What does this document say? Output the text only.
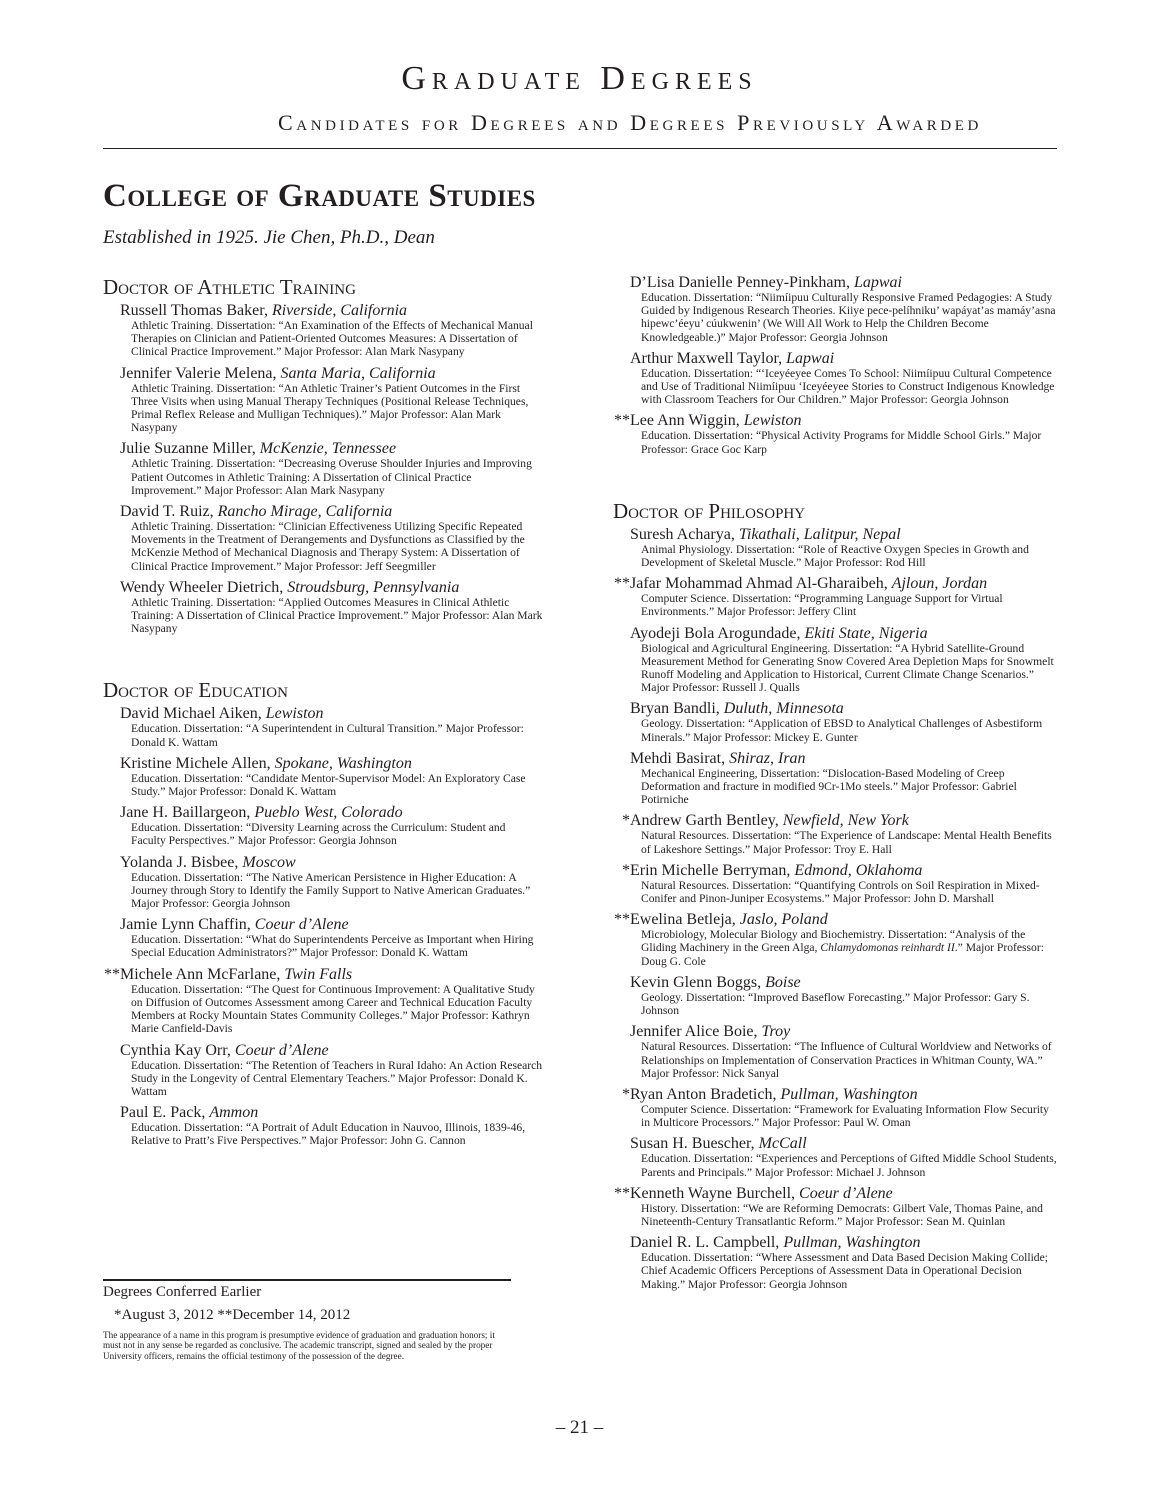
Graduate Degrees
Candidates for Degrees and Degrees Previously Awarded
College of Graduate Studies

Established in 1925. Jie Chen, Ph.D., Dean

Doctor of Athletic Training
Russell Thomas Baker, Riverside, California
Athletic Training. Dissertation: “An Examination of the Effects of Mechanical Manual Therapies on Clinician and Patient-Oriented Outcomes Measures: A Dissertation of Clinical Practice Improvement.” Major Professor: Alan Mark Nasypany
Jennifer Valerie Melena, Santa Maria, California
Athletic Training. Dissertation: “An Athletic Trainer’s Patient Outcomes in the First Three Visits when using Manual Therapy Techniques (Positional Release Techniques, Primal Reflex Release and Mulligan Techniques).” Major Professor: Alan Mark Nasypany
Julie Suzanne Miller, McKenzie, Tennessee
Athletic Training. Dissertation: “Decreasing Overuse Shoulder Injuries and Improving Patient Outcomes in Athletic Training: A Dissertation of Clinical Practice Improvement.” Major Professor: Alan Mark Nasypany
David T. Ruiz, Rancho Mirage, California
Athletic Training. Dissertation: “Clinician Effectiveness Utilizing Specific Repeated Movements in the Treatment of Derangements and Dysfunctions as Classified by the McKenzie Method of Mechanical Diagnosis and Therapy System: A Dissertation of Clinical Practice Improvement.” Major Professor: Jeff Seegmiller
Wendy Wheeler Dietrich, Stroudsburg, Pennsylvania
Athletic Training. Dissertation: “Applied Outcomes Measures in Clinical Athletic Training: A Dissertation of Clinical Practice Improvement.” Major Professor: Alan Mark Nasypany
Doctor of Education
David Michael Aiken, Lewiston
Education. Dissertation: “A Superintendent in Cultural Transition.” Major Professor: Donald K. Wattam
Kristine Michele Allen, Spokane, Washington
Education. Dissertation: “Candidate Mentor-Supervisor Model: An Exploratory Case Study.” Major Professor: Donald K. Wattam
Jane H. Baillargeon, Pueblo West, Colorado
Education. Dissertation: “Diversity Learning across the Curriculum: Student and Faculty Perspectives.” Major Professor: Georgia Johnson
Yolanda J. Bisbee, Moscow
Education. Dissertation: “The Native American Persistence in Higher Education: A Journey through Story to Identify the Family Support to Native American Graduates.” Major Professor: Georgia Johnson
Jamie Lynn Chaffin, Coeur d’Alene
Education. Dissertation: “What do Superintendents Perceive as Important when Hiring Special Education Administrators?” Major Professor: Donald K. Wattam
** Michele Ann McFarlane, Twin Falls
Education. Dissertation: “The Quest for Continuous Improvement: A Qualitative Study on Diffusion of Outcomes Assessment among Career and Technical Education Faculty Members at Rocky Mountain States Community Colleges.” Major Professor: Kathryn Marie Canfield-Davis
Cynthia Kay Orr, Coeur d’Alene
Education. Dissertation: “The Retention of Teachers in Rural Idaho: An Action Research Study in the Longevity of Central Elementary Teachers.” Major Professor: Donald K. Wattam
Paul E. Pack, Ammon
Education. Dissertation: “A Portrait of Adult Education in Nauvoo, Illinois, 1839-46, Relative to Pratt’s Five Perspectives.” Major Professor: John G. Cannon
D’Lisa Danielle Penney-Pinkham, Lapwai
Education. Dissertation: “Niimíipuu Culturally Responsive Framed Pedagogies: A Study Guided by Indigenous Research Theories. Kiiye pece-pelíhniku’ wapáyat’as mamáy’asna hipewc’éeyu’ cúukwenin’ (We Will All Work to Help the Children Become Knowledgeable.)” Major Professor: Georgia Johnson
Arthur Maxwell Taylor, Lapwai
Education. Dissertation: “‘Iceyéeyee Comes To School: Niimíipuu Cultural Competence and Use of Traditional Niimíipuu ‘Iceyéeyee Stories to Construct Indigenous Knowledge with Classroom Teachers for Our Children.” Major Professor: Georgia Johnson
** Lee Ann Wiggin, Lewiston
Education. Dissertation: “Physical Activity Programs for Middle School Girls.” Major Professor: Grace Goc Karp
Doctor of Philosophy
Suresh Acharya, Tikathali, Lalitpur, Nepal
Animal Physiology. Dissertation: “Role of Reactive Oxygen Species in Growth and Development of Skeletal Muscle.” Major Professor: Rod Hill
** Jafar Mohammad Ahmad Al-Gharaibeh, Ajloun, Jordan
Computer Science. Dissertation: “Programming Language Support for Virtual Environments.” Major Professor: Jeffery Clint
Ayodeji Bola Arogundade, Ekiti State, Nigeria
Biological and Agricultural Engineering. Dissertation: “A Hybrid Satellite-Ground Measurement Method for Generating Snow Covered Area Depletion Maps for Snowmelt Runoff Modeling and Application to Historical, Current Climate Change Scenarios.” Major Professor: Russell J. Qualls
Bryan Bandli, Duluth, Minnesota
Geology. Dissertation: “Application of EBSD to Analytical Challenges of Asbestiform Minerals.” Major Professor: Mickey E. Gunter
Mehdi Basirat, Shiraz, Iran
Mechanical Engineering, Dissertation: “Dislocation-Based Modeling of Creep Deformation and fracture in modified 9Cr-1Mo steels.” Major Professor: Gabriel Potirniche
* Andrew Garth Bentley, Newfield, New York
Natural Resources. Dissertation: “The Experience of Landscape: Mental Health Benefits of Lakeshore Settings.” Major Professor: Troy E. Hall
* Erin Michelle Berryman, Edmond, Oklahoma
Natural Resources. Dissertation: “Quantifying Controls on Soil Respiration in Mixed-Conifer and Pinon-Juniper Ecosystems.” Major Professor: John D. Marshall
** Ewelina Betleja, Jaslo, Poland
Microbiology, Molecular Biology and Biochemistry. Dissertation: “Analysis of the Gliding Machinery in the Green Alga, Chlamydomonas reinhardt II.” Major Professor: Doug G. Cole
Kevin Glenn Boggs, Boise
Geology. Dissertation: “Improved Baseflow Forecasting.” Major Professor: Gary S. Johnson
Jennifer Alice Boie, Troy
Natural Resources. Dissertation: “The Influence of Cultural Worldview and Networks of Relationships on Implementation of Conservation Practices in Whitman County, WA.” Major Professor: Nick Sanyal
* Ryan Anton Bradetich, Pullman, Washington
Computer Science. Dissertation: “Framework for Evaluating Information Flow Security in Multicore Processors.” Major Professor: Paul W. Oman
Susan H. Buescher, McCall
Education. Dissertation: “Experiences and Perceptions of Gifted Middle School Students, Parents and Principals.” Major Professor: Michael J. Johnson
** Kenneth Wayne Burchell, Coeur d’Alene
History. Dissertation: “We are Reforming Democrats: Gilbert Vale, Thomas Paine, and Nineteenth-Century Transatlantic Reform.” Major Professor: Sean M. Quinlan
Daniel R. L. Campbell, Pullman, Washington
Education. Dissertation: “Where Assessment and Data Based Decision Making Collide; Chief Academic Officers Perceptions of Assessment Data in Operational Decision Making.” Major Professor: Georgia Johnson

Degrees Conferred Earlier

*August 3, 2012 **December 14, 2012

The appearance of a name in this program is presumptive evidence of graduation and graduation honors; it must not in any sense be regarded as conclusive. The academic transcript, signed and sealed by the proper University officers, remains the official testimony of the possession of the degree.

– 21 –
